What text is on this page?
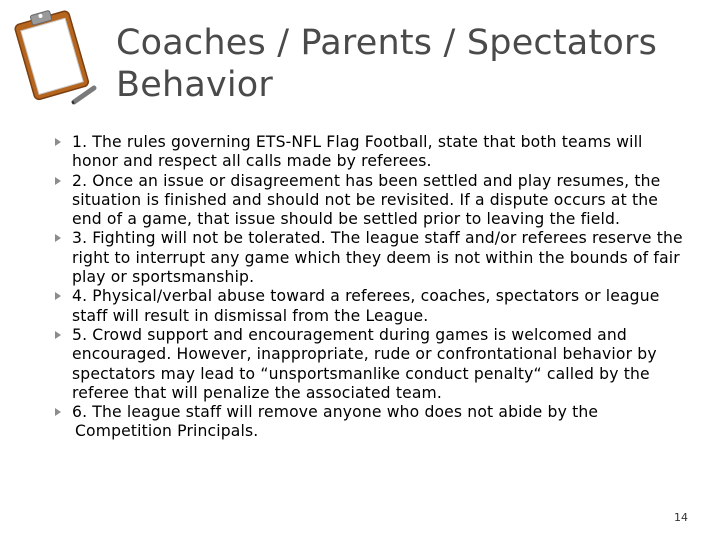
Coaches / Parents / Spectators Behavior
1. The rules governing ETS-NFL Flag Football, state that both teams will honor and respect all calls made by referees.
2. Once an issue or disagreement has been settled and play resumes, the situation is finished and should not be revisited. If a dispute occurs at the end of a game, that issue should be settled prior to leaving the field.
3. Fighting will not be tolerated. The league staff and/or referees reserve the right to interrupt any game which they deem is not within the bounds of fair play or sportsmanship.
4. Physical/verbal abuse toward a referees, coaches, spectators or league staff will result in dismissal from the League.
5. Crowd support and encouragement during games is welcomed and encouraged. However, inappropriate, rude or confrontational behavior by spectators may lead to “unsportsmanlike conduct penalty“ called by the referee that will penalize the associated team.
6. The league staff will remove anyone who does not abide by the
Competition Principals.
14
